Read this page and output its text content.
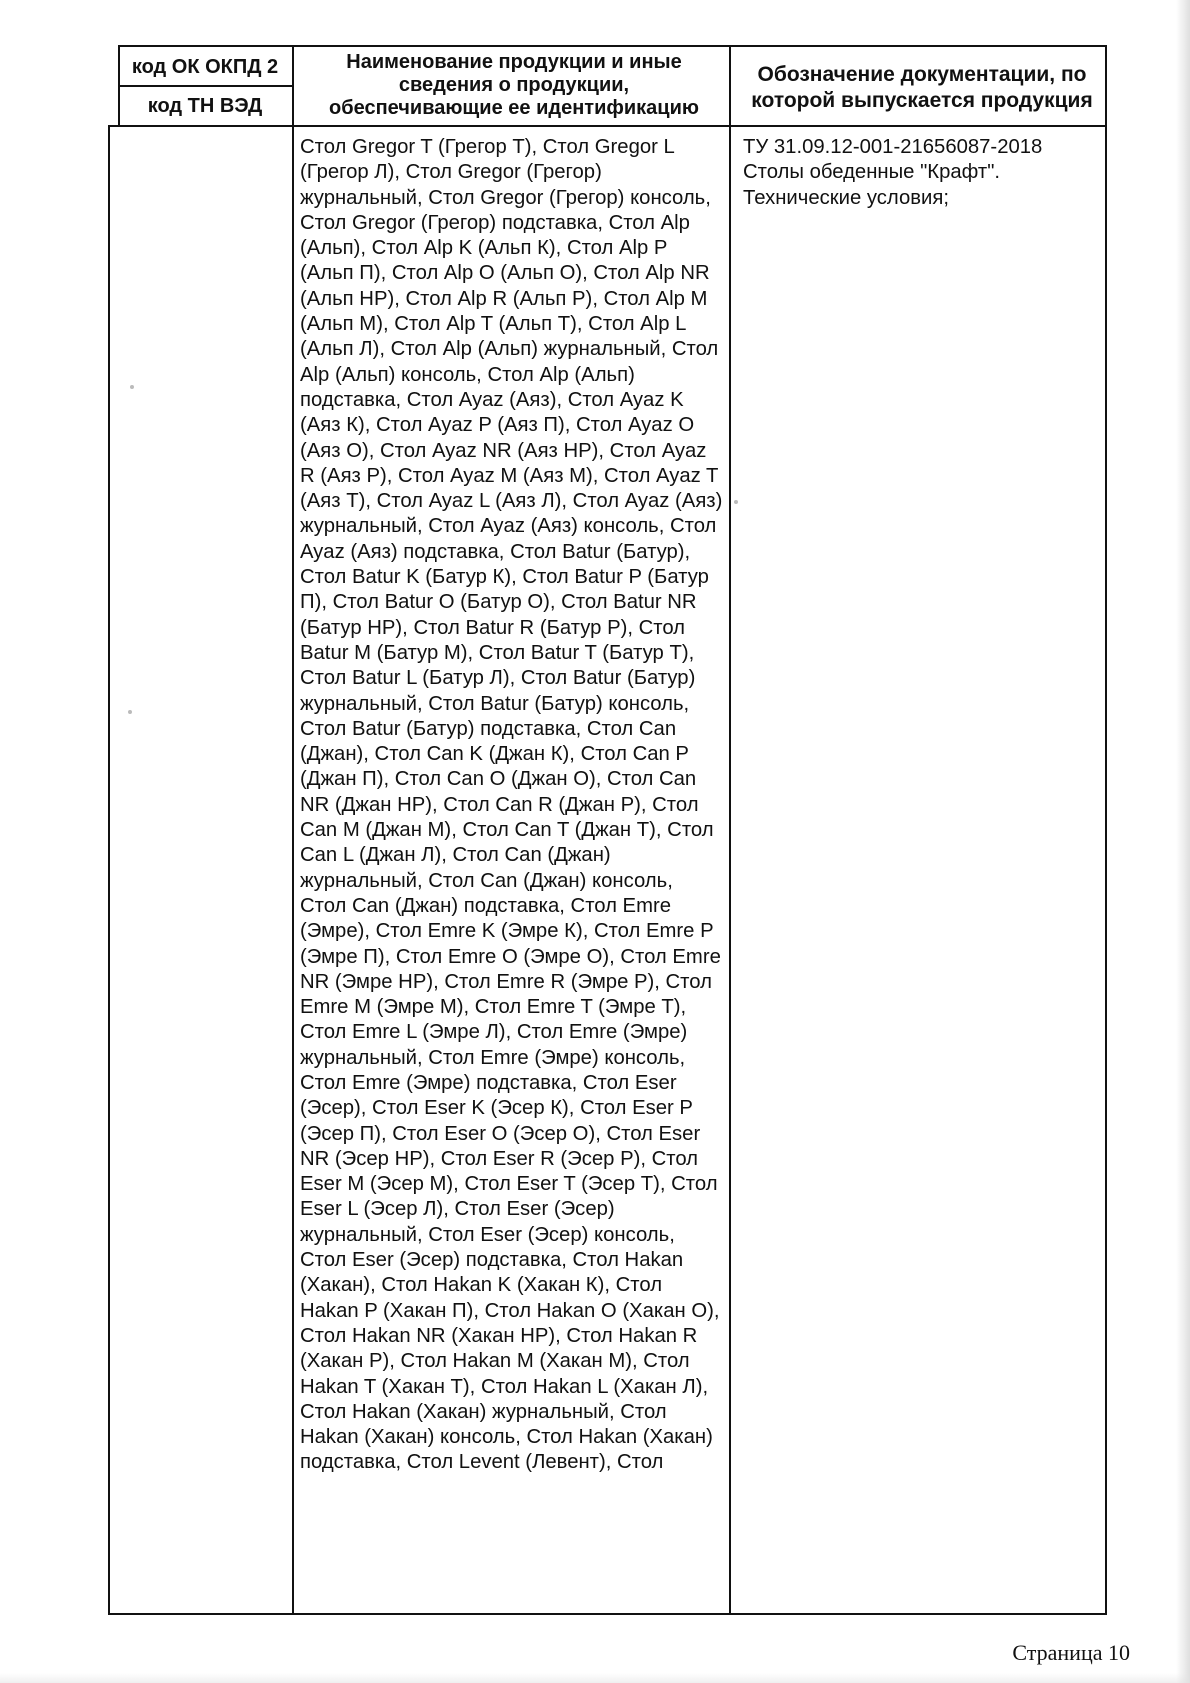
код ОК ОКПД 2
код ТН ВЭД
Наименование продукции и иные
сведения о продукции,
обеспечивающие ее идентификацию
Обозначение документации, по
которой выпускается продукция
Стол Gregor T (Грегор Т), Стол Gregor L (Грегор Л), Стол Gregor (Грегор) журнальный, Стол Gregor (Грегор) консоль, Стол Gregor (Грегор) подставка, Стол Alp (Альп), Стол Alp K (Альп К), Стол Alp P (Альп П), Стол Alp O (Альп О), Стол Alp NR (Альп НР), Стол Alp R (Альп Р), Стол Alp M (Альп М), Стол Alp T (Альп Т), Стол Alp L (Альп Л), Стол Alp (Альп) журнальный, Стол Alp (Альп) консоль, Стол Alp (Альп) подставка, Стол Ayaz (Аяз), Стол Ayaz K (Аяз К), Стол Ayaz P (Аяз П), Стол Ayaz O (Аяз О), Стол Ayaz NR (Аяз НР), Стол Ayaz R (Аяз Р), Стол Ayaz M (Аяз М), Стол Ayaz T (Аяз Т), Стол Ayaz L (Аяз Л), Стол Ayaz (Аяз) журнальный, Стол Ayaz (Аяз) консоль, Стол Ayaz (Аяз) подставка, Стол Batur (Батур), Стол Batur K (Батур К), Стол Batur P (Батур П), Стол Batur O (Батур О), Стол Batur NR (Батур НР), Стол Batur R (Батур Р), Стол Batur M (Батур М), Стол Batur T (Батур Т), Стол Batur L (Батур Л), Стол Batur (Батур) журнальный, Стол Batur (Батур) консоль, Стол Batur (Батур) подставка, Стол Can (Джан), Стол Can K (Джан К), Стол Can P (Джан П), Стол Can O (Джан О), Стол Can NR (Джан НР), Стол Can R (Джан Р), Стол Can M (Джан М), Стол Can T (Джан Т), Стол Can L (Джан Л), Стол Can (Джан) журнальный, Стол Can (Джан) консоль, Стол Can (Джан) подставка, Стол Emre (Эмре), Стол Emre K (Эмре К), Стол Emre P (Эмре П), Стол Emre O (Эмре О), Стол Emre NR (Эмре НР), Стол Emre R (Эмре Р), Стол Emre M (Эмре М), Стол Emre T (Эмре Т), Стол Emre L (Эмре Л), Стол Emre (Эмре) журнальный, Стол Emre (Эмре) консоль, Стол Emre (Эмре) подставка, Стол Eser (Эсер), Стол Eser K (Эсер К), Стол Eser P (Эсер П), Стол Eser O (Эсер О), Стол Eser NR (Эсер НР), Стол Eser R (Эсер Р), Стол Eser M (Эсер М), Стол Eser T (Эсер Т), Стол Eser L (Эсер Л), Стол Eser (Эсер) журнальный, Стол Eser (Эсер) консоль, Стол Eser (Эсер) подставка, Стол Hakan (Хакан), Стол Hakan K (Хакан К), Стол Hakan P (Хакан П), Стол Hakan O (Хакан О), Стол Hakan NR (Хакан НР), Стол Hakan R (Хакан Р), Стол Hakan M (Хакан М), Стол Hakan T (Хакан Т), Стол Hakan L (Хакан Л), Стол Hakan (Хакан) журнальный, Стол Hakan (Хакан) консоль, Стол Hakan (Хакан) подставка, Стол Levent (Левент), Стол
ТУ 31.09.12-001-21656087-2018
Столы обеденные "Крафт".
Технические условия;
Страница 10
